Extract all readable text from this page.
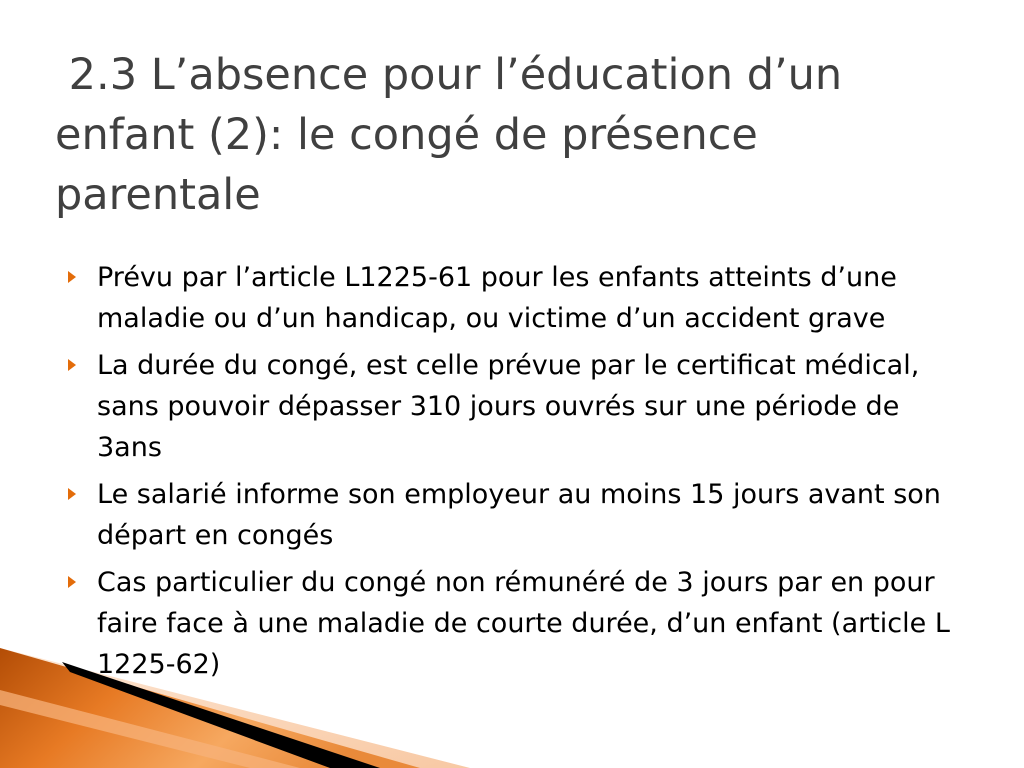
2.3 L’absence pour l’éducation d’un enfant (2): le congé de présence parentale
Prévu par l’article L1225-61 pour les enfants atteints d’une maladie ou d’un handicap, ou victime d’un accident grave
La durée du congé, est celle prévue par le certificat médical, sans pouvoir dépasser 310 jours ouvrés sur une période de 3ans
Le salarié informe son employeur au moins 15 jours avant son départ en congés
Cas particulier du congé non rémunéré de 3 jours par en pour faire face à une maladie de courte durée, d’un enfant (article L 1225-62)
